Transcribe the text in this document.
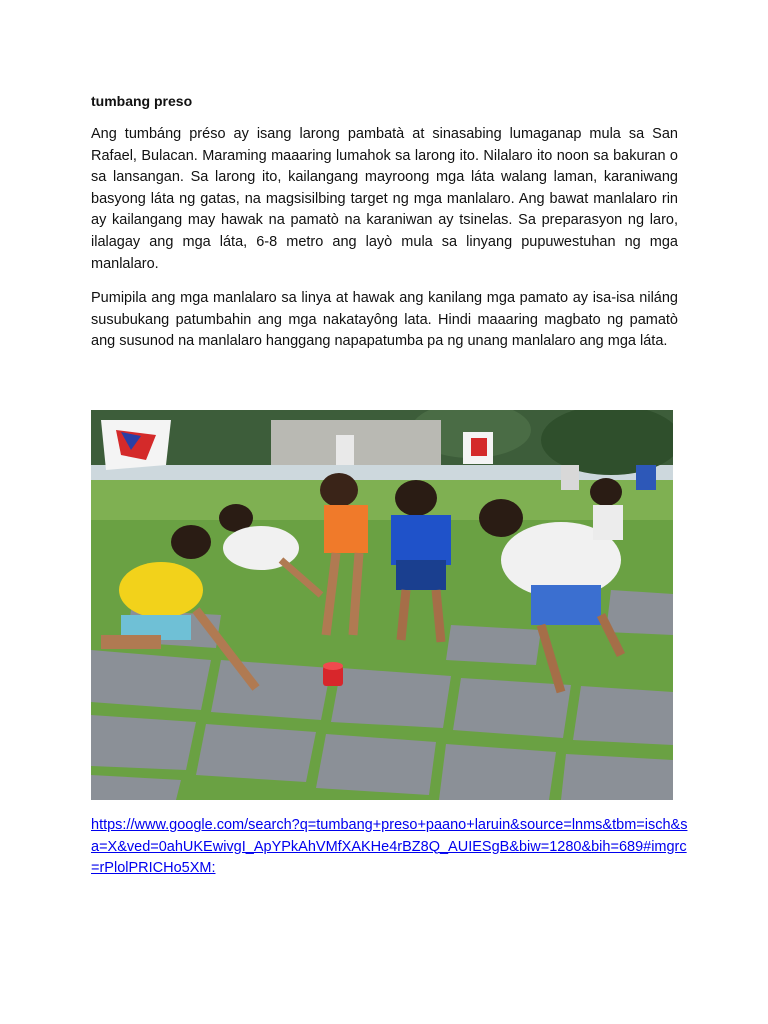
tumbang preso

Ang tumbáng préso ay isang larong pambatà at sinasabing lumaganap mula sa San Rafael, Bulacan. Maraming maaaring lumahok sa larong ito. Nilalaro ito noon sa bakuran o sa lansangan. Sa larong ito, kailangang mayroong mga láta walang laman, karaniwang basyong láta ng gatas, na magsisilbing target ng mga manlalaro. Ang bawat manlalaro rin ay kailangang may hawak na pamatò na karaniwan ay tsinelas. Sa preparasyon ng laro, ilalagay ang mga láta, 6-8 metro ang layò mula sa linyang pupuwestuhan ng mga manlalaro.

Pumipila ang mga manlalaro sa linya at hawak ang kanilang mga pamato ay isa-isa niláng susubukang patumbahin ang mga nakatayông lata. Hindi maaaring magbato ng pamatò ang susunod na manlalaro hanggang napapatumba pa ng unang manlalaro ang mga láta.

https://www.google.com/search?q=tumbang+preso+paano+laruin&source=lnms&tbm=isch&sa=X&ved=0ahUKEwivgI_ApYPkAhVMfXAKHe4rBZ8Q_AUIESgB&biw=1280&bih=689#imgrc=rPlolPRICHo5XM:
